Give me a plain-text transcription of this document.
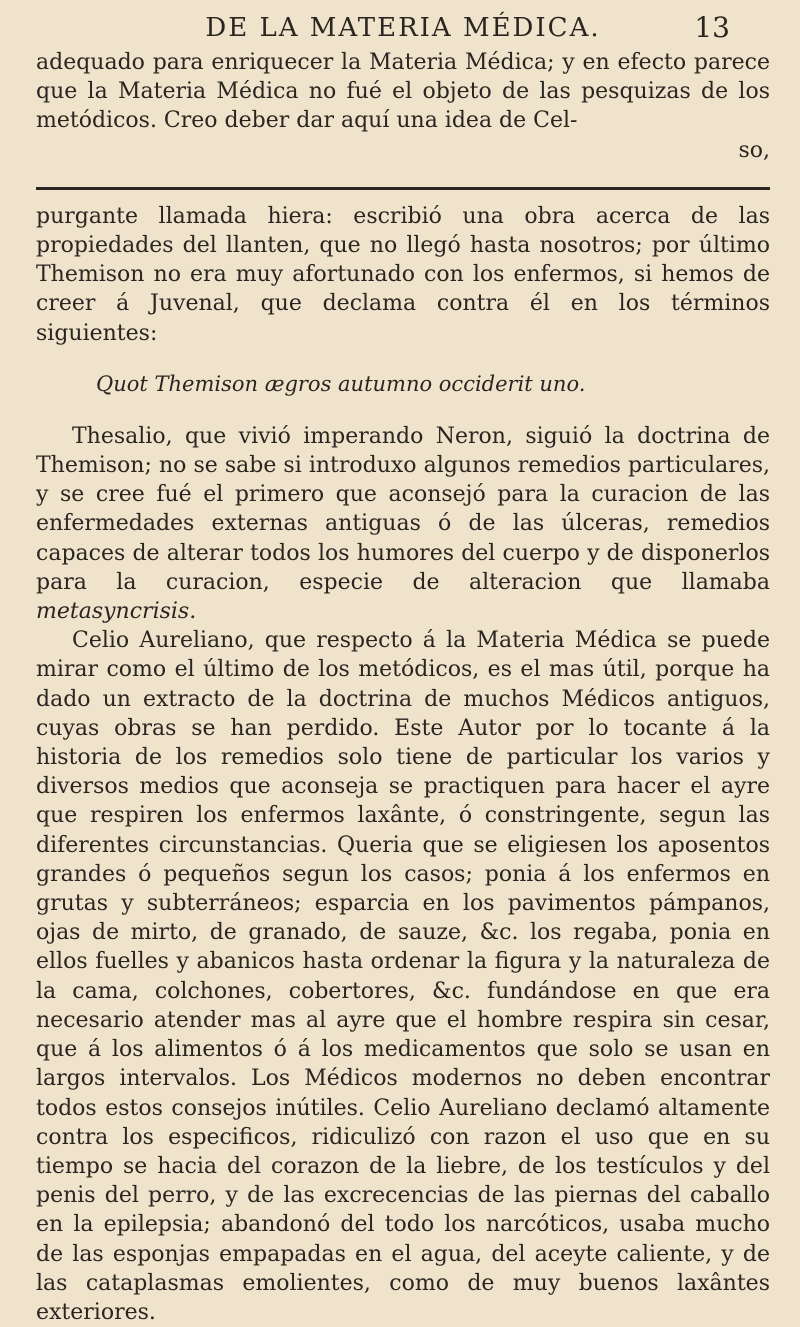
DE LA MATERIA MÉDICA.	13

adequado para enriquecer la Materia Médica; y en efecto parece que la Materia Médica no fué el objeto de las pesquizas de los metódicos. Creo deber dar aquí una idea de Cel-

so,

purgante llamada hiera: escribió una obra acerca de las propiedades del llanten, que no llegó hasta nosotros; por último Themison no era muy afortunado con los enfermos, si hemos de creer á Juvenal, que declama contra él en los términos siguientes:

Quot Themison ægros autumno occiderit uno.

Thesalio, que vivió imperando Neron, siguió la doctrina de Themison; no se sabe si introduxo algunos remedios particulares, y se cree fué el primero que aconsejó para la curacion de las enfermedades externas antiguas ó de las úlceras, remedios capaces de alterar todos los humores del cuerpo y de disponerlos para la curacion, especie de alteracion que llamaba metasyncrisis.

Celio Aureliano, que respecto á la Materia Médica se puede mirar como el último de los metódicos, es el mas útil, porque ha dado un extracto de la doctrina de muchos Médicos antiguos, cuyas obras se han perdido. Este Autor por lo tocante á la historia de los remedios solo tiene de particular los varios y diversos medios que aconseja se practiquen para hacer el ayre que respiren los enfermos laxânte, ó constringente, segun las diferentes circunstancias. Queria que se eligiesen los aposentos grandes ó pequeños segun los casos; ponia á los enfermos en grutas y subterráneos; esparcia en los pavimentos pámpanos, ojas de mirto, de granado, de sauze, &c. los regaba, ponia en ellos fuelles y abanicos hasta ordenar la figura y la naturaleza de la cama, colchones, cobertores, &c. fundándose en que era necesario atender mas al ayre que el hombre respira sin cesar, que á los alimentos ó á los medicamentos que solo se usan en largos intervalos. Los Médicos modernos no deben encontrar todos estos consejos inútiles. Celio Aureliano declamó altamente contra los especificos, ridiculizó con razon el uso que en su tiempo se hacia del corazon de la liebre, de los testículos y del penis del perro, y de las excrecencias de las piernas del caballo en la epilepsia; abandonó del todo los narcóticos, usaba mucho de las esponjas empapadas en el agua, del aceyte caliente, y de las cataplasmas emolientes, como de muy buenos laxântes exteriores.
